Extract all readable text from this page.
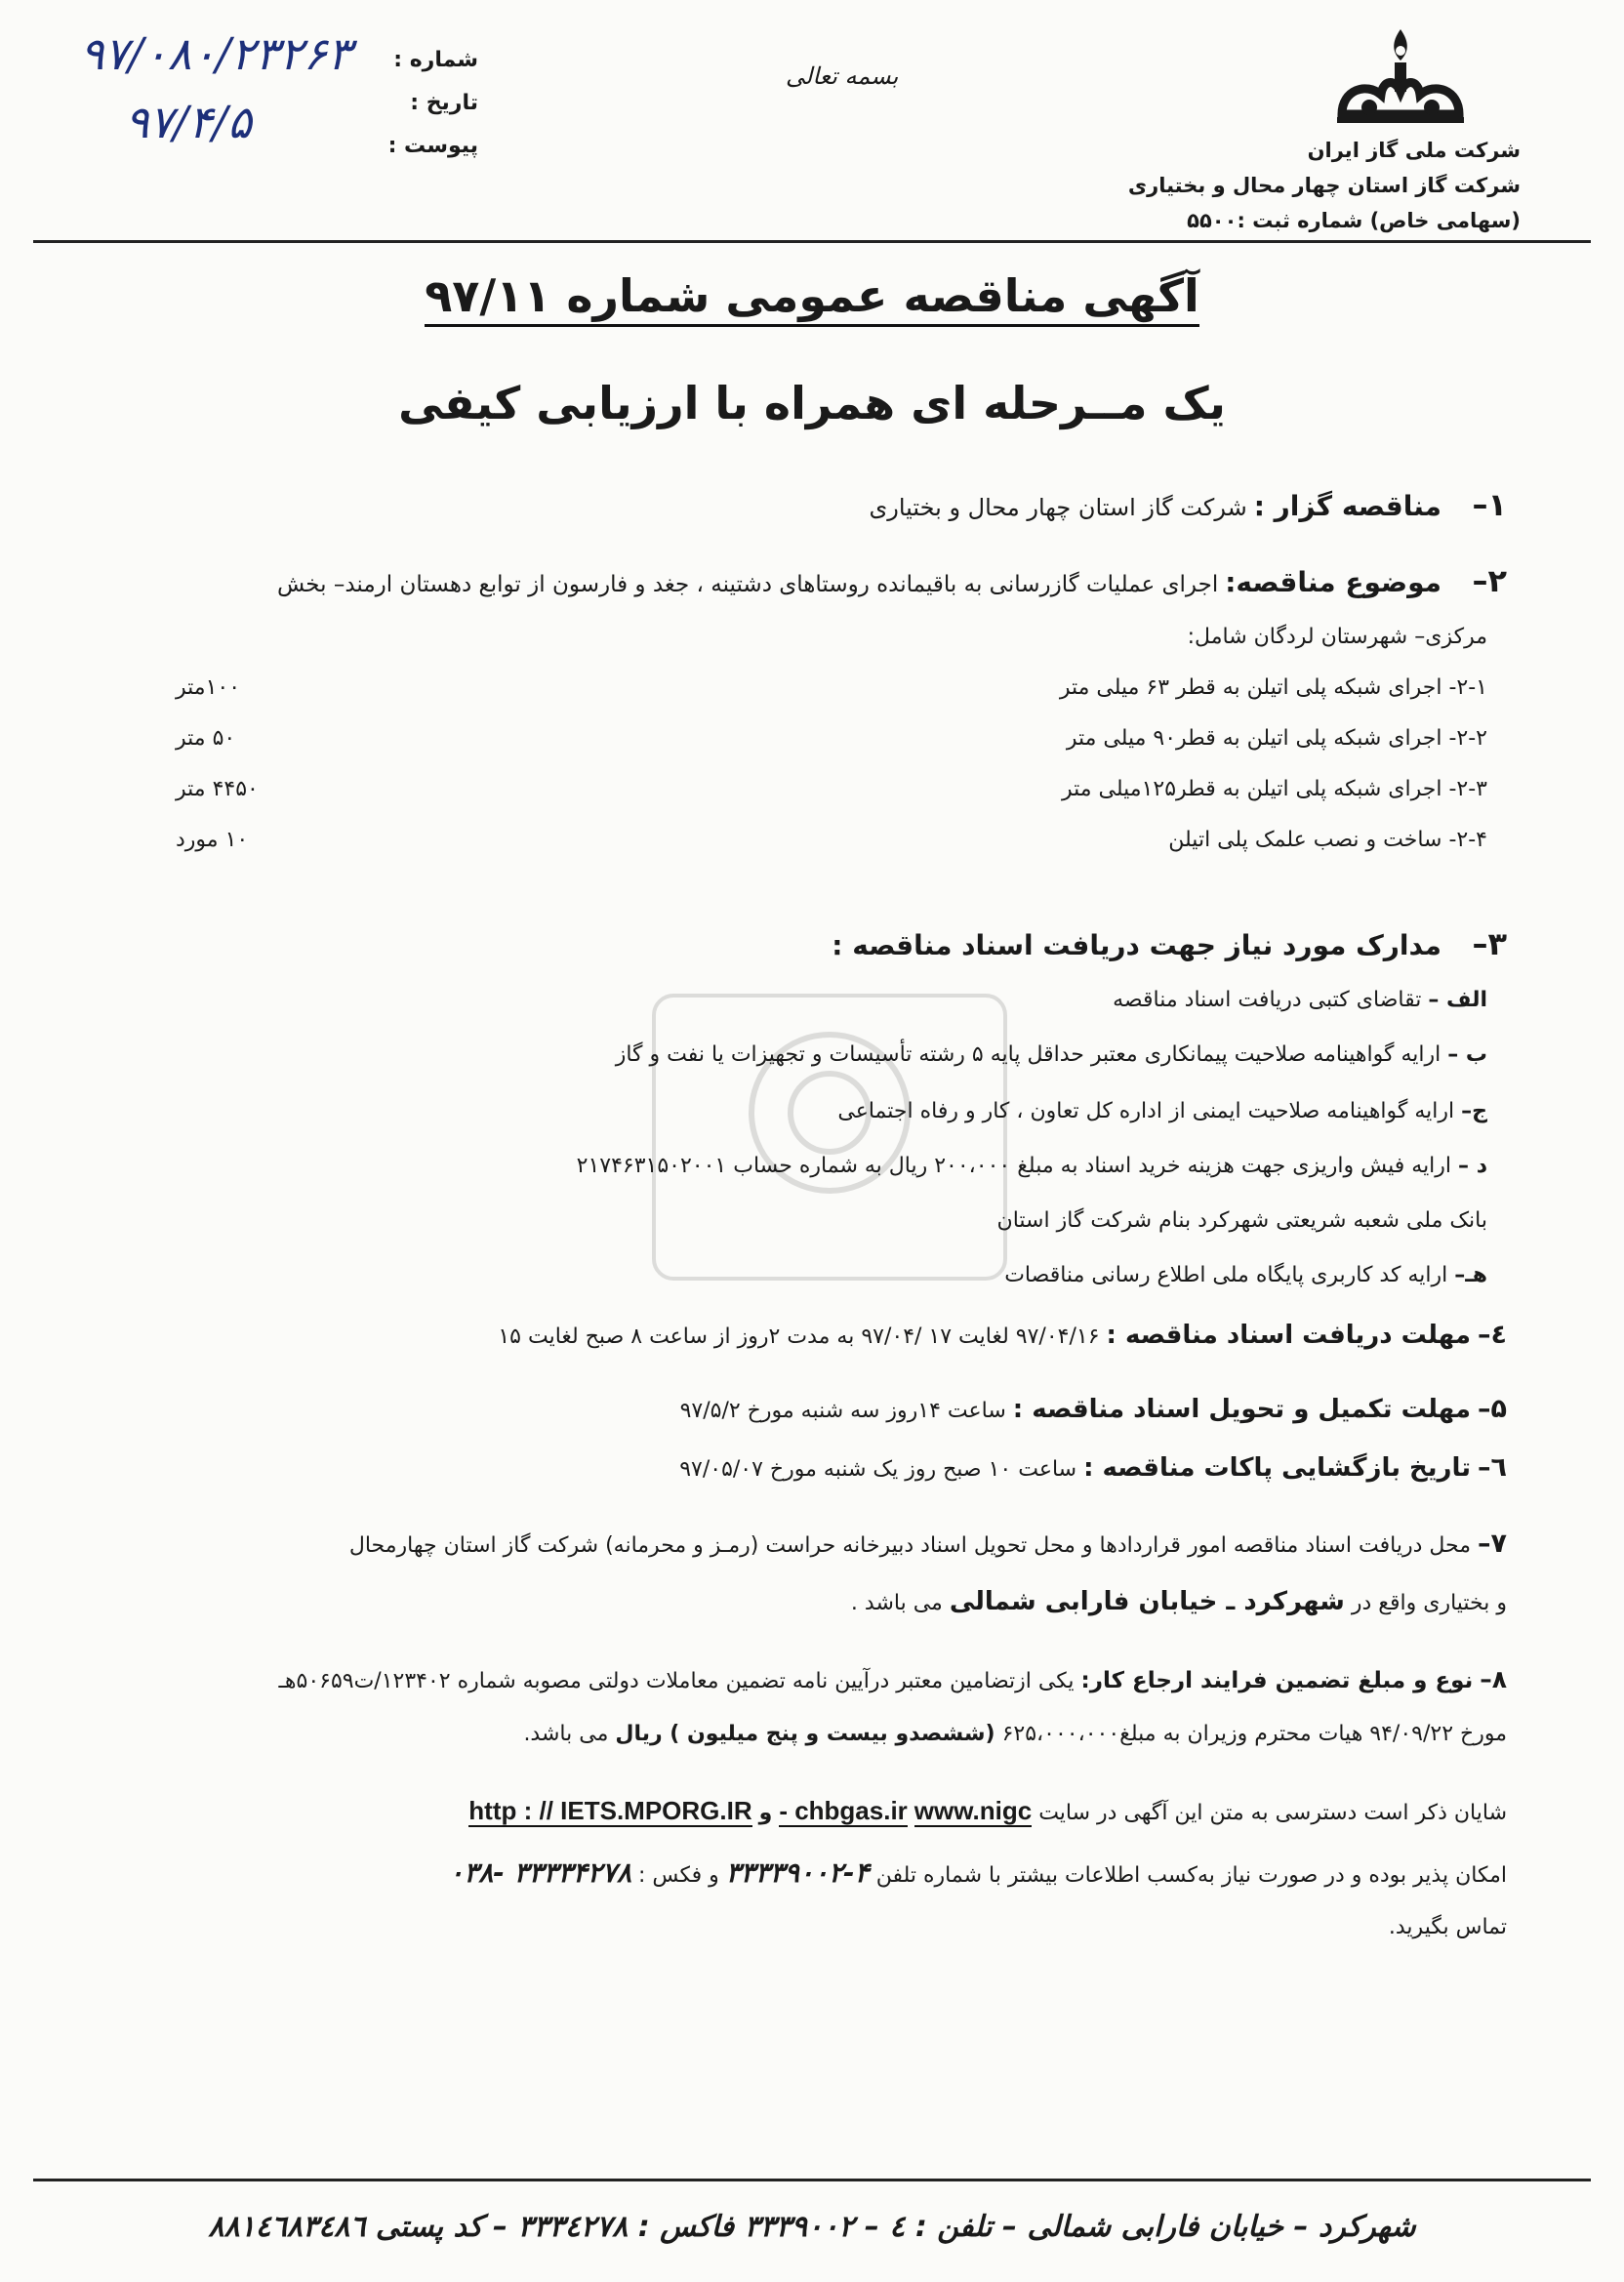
شرکت ملی گاز ایران
شرکت گاز استان چهار محال و بختیاری
(سهامی خاص) شماره ثبت :۵۵۰۰
بسمه تعالی
شماره :
تاریخ :
پیوست :
۹۷/۰۸۰/۲۳۲۶۳
۹۷/۴/۵
آگهی مناقصه عمومی شماره ۹۷/۱۱
یک مــرحله ای همراه با ارزیابی کیفی
۱– مناقصه گزار : شرکت گاز استان چهار محال و بختیاری
۲– موضوع مناقصه: اجرای عملیات گازرسانی به باقیمانده روستاهای دشتینه ، جغد و فارسون از توابع دهستان ارمند– بخش
مرکزی– شهرستان لردگان شامل:
۲-۱- اجرای شبکه پلی اتیلن به قطر ۶۳ میلی متر
۱۰۰متر
۲-۲- اجرای شبکه پلی اتیلن به قطر۹۰ میلی متر
۵۰ متر
۲-۳- اجرای شبکه پلی اتیلن به قطر۱۲۵میلی متر
۴۴۵۰ متر
۲-۴- ساخت و نصب علمک پلی اتیلن
۱۰ مورد
۳– مدارک مورد نیاز جهت دریافت اسناد مناقصه :
الف – تقاضای کتبی دریافت اسناد مناقصه
ب – ارایه گواهینامه صلاحیت پیمانکاری معتبر حداقل پایه ۵ رشته تأسیسات و تجهیزات یا نفت و گاز
ج– ارایه گواهینامه صلاحیت ایمنی از اداره کل تعاون ، کار و رفاه اجتماعی
د – ارایه فیش واریزی جهت هزینه خرید اسناد به مبلغ ۲۰۰،۰۰۰ ریال به شماره حساب ۲۱۷۴۶۳۱۵۰۲۰۰۱
بانک ملی شعبه شریعتی شهرکرد بنام شرکت گاز استان
هـ– ارایه کد کاربری پایگاه ملی اطلاع رسانی مناقصات
٤– مهلت دریافت اسناد مناقصه : ۹۷/۰۴/۱۶ لغایت ۱۷ /۹۷/۰۴ به مدت ۲روز از ساعت ۸ صبح لغایت ۱۵
۵– مهلت تکمیل و تحویل اسناد مناقصه : ساعت ۱۴روز سه شنبه مورخ ۹۷/۵/۲
٦– تاریخ بازگشایی پاکات مناقصه : ساعت ۱۰ صبح روز یک شنبه مورخ ۹۷/۰۵/۰۷
۷– محل دریافت اسناد مناقصه امور قراردادها و محل تحویل اسناد دبیرخانه حراست (رمـز و محرمانه) شرکت گاز استان چهارمحال
و بختیاری واقع در شهرکرد ـ خیابان فارابی شمالی می باشد .
۸– نوع و مبلغ تضمین فرایند ارجاع کار: یکی ازتضامین معتبر درآیین نامه تضمین معاملات دولتی مصوبه شماره ۱۲۳۴۰۲/ت۵۰۶۵۹هـ
مورخ ۹۴/۰۹/۲۲ هیات محترم وزیران به مبلغ۶۲۵،۰۰۰،۰۰۰ (ششصدو بیست و پنج میلیون ) ریال می باشد.
شایان ذکر است دسترسی به متن این آگهی در سایت chbgas.ir www.nigc - و http : // IETS.MPORG.IR
امکان پذیر بوده و در صورت نیاز به‌کسب اطلاعات بیشتر با شماره تلفن ۴-۳۳۳۳۹۰۰۲ و فکس : ۳۳۳۳۴۲۷۸ -۰۳۸
تماس بگیرید.
شهرکرد – خیابان فارابی شمالی – تلفن : ٤ – ۳۳۳۹۰۰۲ فاکس : ۳۳۳٤۲۷۸ – کد پستی ۸۸۱٤٦۸۳٤۸٦
